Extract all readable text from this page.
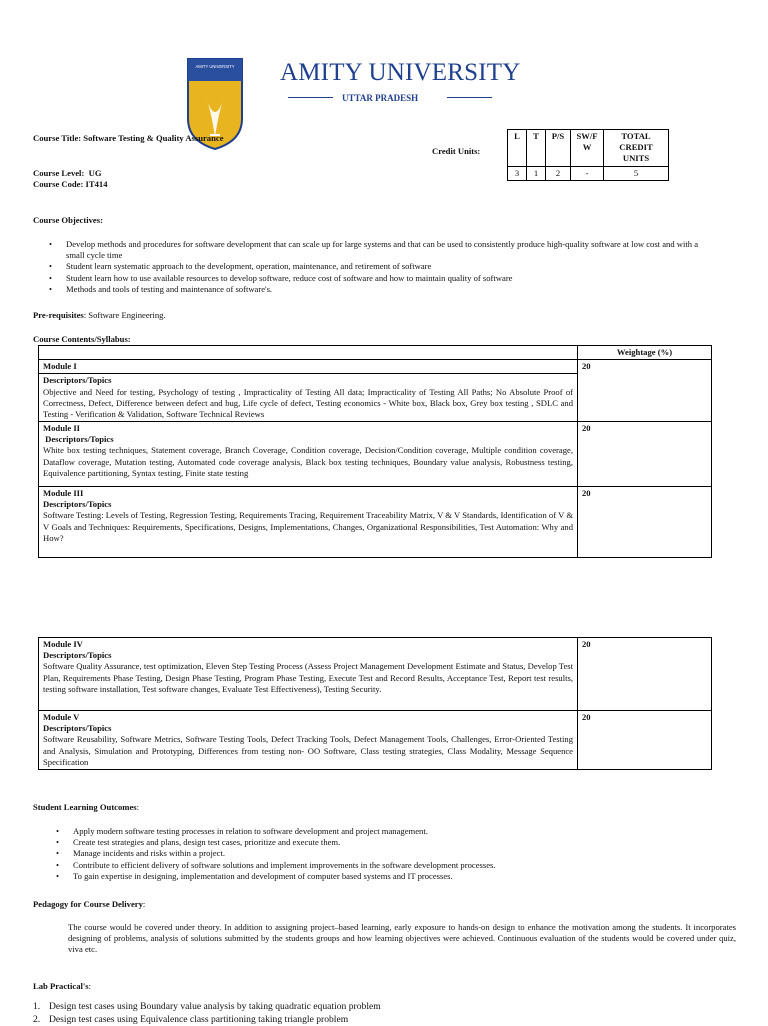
AMITY UNIVERSITY AMITY UNIVERSITY
UTTAR PRADESH
Course Title: Software Testing & Quality Assurance
Credit Units:
L	T	P/S	SW/F W	TOTAL CREDIT UNITS
3	1	2	-	5
Course Level: UG
Course Code: IT414
Course Objectives:
• Develop methods and procedures for software development that can scale up for large systems and that can be used to consistently produce high-quality software at low cost and with a small cycle time
• Student learn systematic approach to the development, operation, maintenance, and retirement of software
• Student learn how to use available resources to develop software, reduce cost of software and how to maintain quality of software
• Methods and tools of testing and maintenance of software's.
Pre-requisites: Software Engineering.
Course Contents/Syllabus:
	Weightage (%)

Module I	20

Descriptors/Topics
Objective and Need for testing, Psychology of testing , Impracticality of Testing All data; Impracticality of Testing All Paths; No Absolute Proof of Correctness, Defect, Difference between defect and bug, Life cycle of defect, Testing economics - White box, Black box, Grey box testing , SDLC and Testing - Verification & Validation, Software Technical Reviews	

Module II
Descriptors/Topics
White box testing techniques, Statement coverage, Branch Coverage, Condition coverage, Decision/Condition coverage, Multiple condition coverage, Dataflow coverage, Mutation testing, Automated code coverage analysis, Black box testing techniques, Boundary value analysis, Robustness testing, Equivalence partitioning, Syntax testing, Finite state testing	20

Module III
Descriptors/Topics
Software Testing: Levels of Testing, Regression Testing, Requirements Tracing, Requirement Traceability Matrix, V & V Standards, Identification of V & V Goals and Techniques: Requirements, Specifications, Designs, Implementations, Changes, Organizational Responsibilities, Test Automation: Why and How?	20
Module IV
Descriptors/Topics
Software Quality Assurance, test optimization, Eleven Step Testing Process (Assess Project Management Development Estimate and Status, Develop Test Plan, Requirements Phase Testing, Design Phase Testing, Program Phase Testing, Execute Test and Record Results, Acceptance Test, Report test results, testing software installation, Test software changes, Evaluate Test Effectiveness), Testing Security.	20

Module V
Descriptors/Topics
Software Reusability, Software Metrics, Software Testing Tools, Defect Tracking Tools, Defect Management Tools, Challenges, Error-Oriented Testing and Analysis, Simulation and Prototyping, Differences from testing non- OO Software, Class testing strategies, Class Modality, Message Sequence Specification	20
Student Learning Outcomes:
• Apply modern software testing processes in relation to software development and project management.
• Create test strategies and plans, design test cases, prioritize and execute them.
• Manage incidents and risks within a project.
• Contribute to efficient delivery of software solutions and implement improvements in the software development processes.
• To gain expertise in designing, implementation and development of computer based systems and IT processes.
Pedagogy for Course Delivery:
The course would be covered under theory. In addition to assigning project–based learning, early exposure to hands-on design to enhance the motivation among the students. It incorporates designing of problems, analysis of solutions submitted by the students groups and how learning objectives were achieved. Continuous evaluation of the students would be covered under quiz, viva etc.
Lab Practical's:
1. Design test cases using Boundary value analysis by taking quadratic equation problem
2. Design test cases using Equivalence class partitioning taking triangle problem
